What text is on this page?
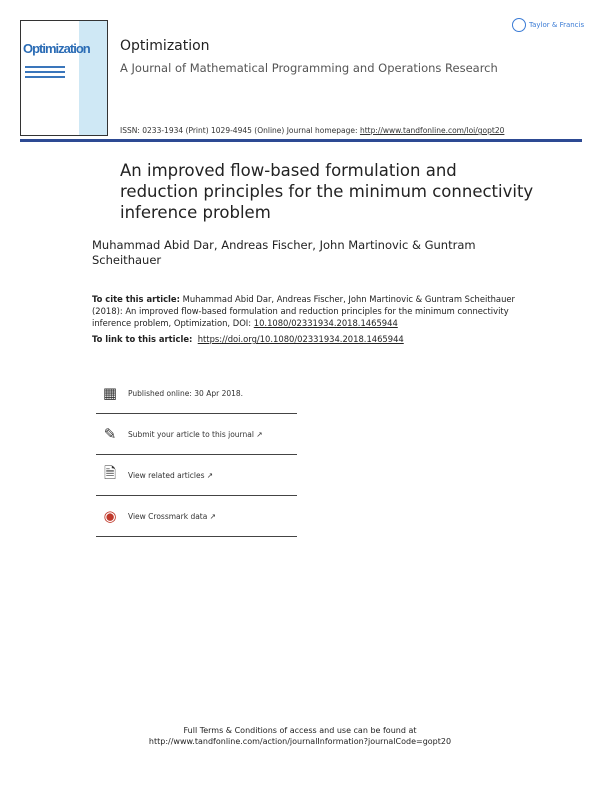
Optimization
Taylor & Francis
Optimization
A Journal of Mathematical Programming and Operations Research
ISSN: 0233-1934 (Print) 1029-4945 (Online) Journal homepage: http://www.tandfonline.com/loi/gopt20
An improved flow-based formulation and reduction principles for the minimum connectivity inference problem
Muhammad Abid Dar, Andreas Fischer, John Martinovic & Guntram Scheithauer
To cite this article: Muhammad Abid Dar, Andreas Fischer, John Martinovic & Guntram Scheithauer (2018): An improved flow-based formulation and reduction principles for the minimum connectivity inference problem, Optimization, DOI: 10.1080/02331934.2018.1465944
To link to this article: https://doi.org/10.1080/02331934.2018.1465944
▦	Published online: 30 Apr 2018.
✎	Submit your article to this journal
↗
🗎	View related articles
↗
◉	View Crossmark data
↗
Full Terms & Conditions of access and use can be found at
http://www.tandfonline.com/action/journalInformation?journalCode=gopt20
